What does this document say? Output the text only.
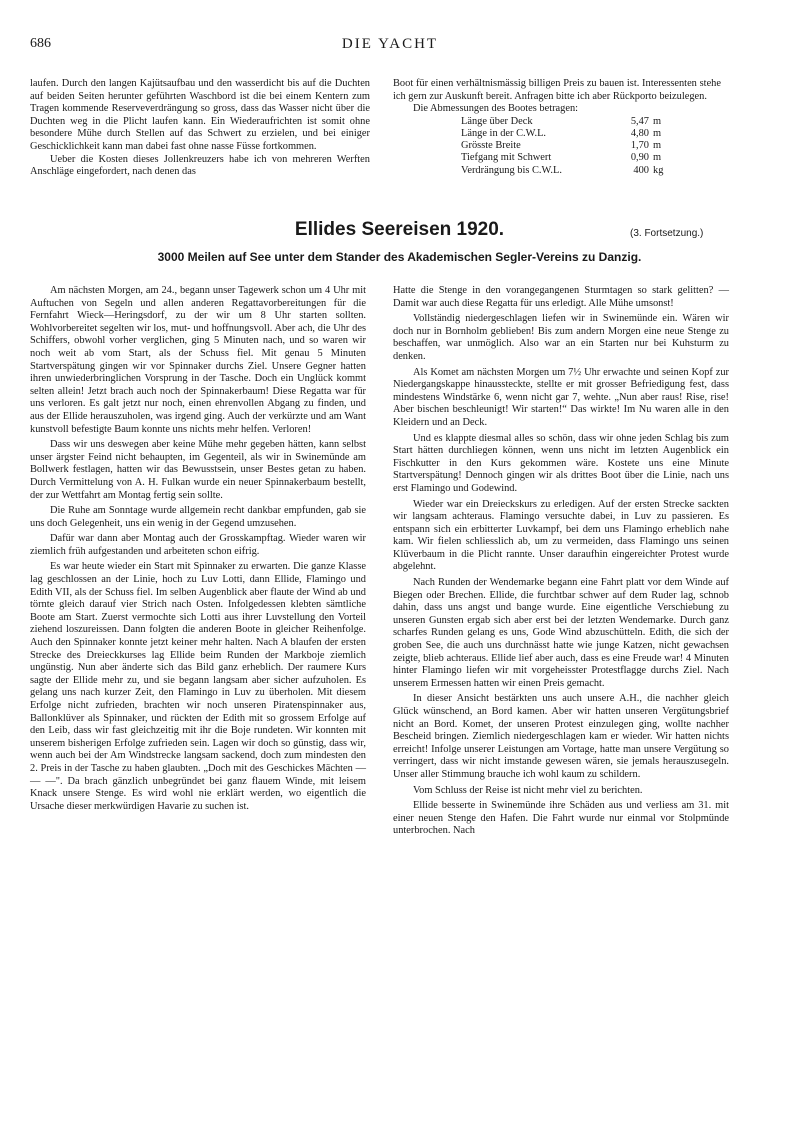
686	DIE YACHT

laufen. Durch den langen Kajütsaufbau und den wasserdicht bis auf die Duchten auf beiden Seiten herunter geführten Waschbord ist die bei einem Kentern zum Tragen kommende Reserveverdrängung so gross, dass das Wasser nicht über die Duchten weg in die Plicht laufen kann. Ein Wiederaufrichten ist somit ohne besondere Mühe durch Stellen auf das Schwert zu erzielen, und bei einiger Geschicklichkeit kann man dabei fast ohne nasse Füsse fortkommen.

Ueber die Kosten dieses Jollenkreuzers habe ich von mehreren Werften Anschläge eingefordert, nach denen das

Boot für einen verhältnismässig billigen Preis zu bauen ist. Interessenten stehe ich gern zur Auskunft bereit. Anfragen bitte ich aber Rückporto beizulegen.

Die Abmessungen des Bootes betragen:

Länge über Deck	5,47	m
Länge in der C.W.L.	4,80	m
Grösste Breite	1,70	m
Tiefgang mit Schwert	0,90	m
Verdrängung bis C.W.L.	400	kg
Ellides Seereisen 1920.	(3. Fortsetzung.)
3000 Meilen auf See unter dem Stander des Akademischen Segler-Vereins zu Danzig.

Am nächsten Morgen, am 24., begann unser Tagewerk schon um 4 Uhr mit Auftuchen von Segeln und allen anderen Regattavorbereitungen für die Fernfahrt Wieck—Heringsdorf, zu der wir um 8 Uhr starten sollten. Wohlvorbereitet segelten wir los, mut- und hoffnungsvoll. Aber ach, die Uhr des Schiffers, obwohl vorher verglichen, ging 5 Minuten nach, und so waren wir noch weit ab vom Start, als der Schuss fiel. Mit genau 5 Minuten Startverspätung gingen wir vor Spinnaker durchs Ziel. Unsere Gegner hatten ihren unwiederbringlichen Vorsprung in der Tasche. Doch ein Unglück kommt selten allein! Jetzt brach auch noch der Spinnakerbaum! Diese Regatta war für uns verloren. Es galt jetzt nur noch, einen ehrenvollen Abgang zu finden, und aus der Ellide herauszuholen, was irgend ging. Auch der verkürzte und am Want kunstvoll befestigte Baum konnte uns nichts mehr helfen. Verloren!

Dass wir uns deswegen aber keine Mühe mehr gegeben hätten, kann selbst unser ärgster Feind nicht behaupten, im Gegenteil, als wir in Swinemünde am Bollwerk festlagen, hatten wir das Bewusstsein, unser Bestes getan zu haben. Durch Vermittelung von A. H. Fulkan wurde ein neuer Spinnakerbaum bestellt, der zur Wettfahrt am Montag fertig sein sollte.

Die Ruhe am Sonntage wurde allgemein recht dankbar empfunden, gab sie uns doch Gelegenheit, uns ein wenig in der Gegend umzusehen.

Dafür war dann aber Montag auch der Grosskampftag. Wieder waren wir ziemlich früh aufgestanden und arbeiteten schon eifrig.

Es war heute wieder ein Start mit Spinnaker zu erwarten. Die ganze Klasse lag geschlossen an der Linie, hoch zu Luv Lotti, dann Ellide, Flamingo und Edith VII, als der Schuss fiel. Im selben Augenblick aber flaute der Wind ab und törnte gleich darauf vier Strich nach Osten. Infolgedessen klebten sämtliche Boote am Start. Zuerst vermochte sich Lotti aus ihrer Luvstellung den Vorteil ziehend loszureissen. Dann folgten die anderen Boote in gleicher Reihenfolge. Auch den Spinnaker konnte jetzt keiner mehr halten. Nach A blaufen der ersten Strecke des Dreieckkurses lag Ellide beim Runden der Markboje ziemlich ungünstig. Nun aber änderte sich das Bild ganz erheblich. Der raumere Kurs sagte der Ellide mehr zu, und sie begann langsam aber sicher aufzuholen. Es gelang uns nach kurzer Zeit, den Flamingo in Luv zu überholen. Mit diesem Erfolge nicht zufrieden, brachten wir noch unseren Piratenspinnaker aus, Ballonklüver als Spinnaker, und rückten der Edith mit so grossem Erfolge auf den Leib, dass wir fast gleichzeitig mit ihr die Boje rundeten. Wir konnten mit unserem bisherigen Erfolge zufrieden sein. Lagen wir doch so günstig, dass wir, wenn auch bei der Am Windstrecke langsam sackend, doch zum mindesten den 2. Preis in der Tasche zu haben glaubten. „Doch mit des Geschickes Mächten — — —". Da brach gänzlich unbegründet bei ganz flauem Winde, mit leisem Knack unsere Stenge. Es wird wohl nie erklärt werden, wo eigentlich die Ursache dieser merkwürdigen Havarie zu suchen ist.

Hatte die Stenge in den vorangegangenen Sturmtagen so stark gelitten? — Damit war auch diese Regatta für uns erledigt. Alle Mühe umsonst!

Vollständig niedergeschlagen liefen wir in Swinemünde ein. Wären wir doch nur in Bornholm geblieben! Bis zum andern Morgen eine neue Stenge zu beschaffen, war unmöglich. Also war an ein Starten nur bei Kuhsturm zu denken.

Als Komet am nächsten Morgen um 7½ Uhr erwachte und seinen Kopf zur Niedergangskappe hinaussteckte, stellte er mit grosser Befriedigung fest, dass mindestens Windstärke 6, wenn nicht gar 7, wehte. „Nun aber raus! Rise, rise! Aber bischen beschleunigt! Wir starten!“ Das wirkte! Im Nu waren alle in den Kleidern und an Deck.

Und es klappte diesmal alles so schön, dass wir ohne jeden Schlag bis zum Start hätten durchliegen können, wenn uns nicht im letzten Augenblick ein Fischkutter in den Kurs gekommen wäre. Kostete uns eine Minute Startverspätung! Dennoch gingen wir als drittes Boot über die Linie, nach uns erst Flamingo und Godewind.

Wieder war ein Dreieckskurs zu erledigen. Auf der ersten Strecke sackten wir langsam achteraus. Flamingo versuchte dabei, in Luv zu passieren. Es entspann sich ein erbitterter Luvkampf, bei dem uns Flamingo erheblich nahe kam. Wir fielen schliesslich ab, um zu vermeiden, dass Flamingo uns seinen Klüverbaum in die Plicht rannte. Unser daraufhin eingereichter Protest wurde abgelehnt.

Nach Runden der Wendemarke begann eine Fahrt platt vor dem Winde auf Biegen oder Brechen. Ellide, die furchtbar schwer auf dem Ruder lag, schnob dahin, dass uns angst und bange wurde. Eine eigentliche Verschiebung zu unseren Gunsten ergab sich aber erst bei der letzten Wendemarke. Durch ganz scharfes Runden gelang es uns, Gode Wind abzuschütteln. Edith, die sich der groben See, die auch uns durchnässt hatte wie junge Katzen, nicht gewachsen zeigte, blieb achteraus. Ellide lief aber auch, dass es eine Freude war! 4 Minuten hinter Flamingo liefen wir mit vorgeheisster Protestflagge durchs Ziel. Nach unserem Ermessen hatten wir einen Preis gemacht.

In dieser Ansicht bestärkten uns auch unsere A.H., die nachher gleich Glück wünschend, an Bord kamen. Aber wir hatten unseren Vergütungsbrief nicht an Bord. Komet, der unseren Protest einzulegen ging, wollte nachher Bescheid bringen. Ziemlich niedergeschlagen kam er wieder. Wir hatten nichts erreicht! Infolge unserer Leistungen am Vortage, hatte man unsere Vergütung so verringert, dass wir nicht imstande gewesen wären, sie jemals herauszusegeln. Unser aller Stimmung brauche ich wohl kaum zu schildern.

Vom Schluss der Reise ist nicht mehr viel zu berichten.

Ellide besserte in Swinemünde ihre Schäden aus und verliess am 31. mit einer neuen Stenge den Hafen. Die Fahrt wurde nur einmal vor Stolpmünde unterbrochen. Nach
